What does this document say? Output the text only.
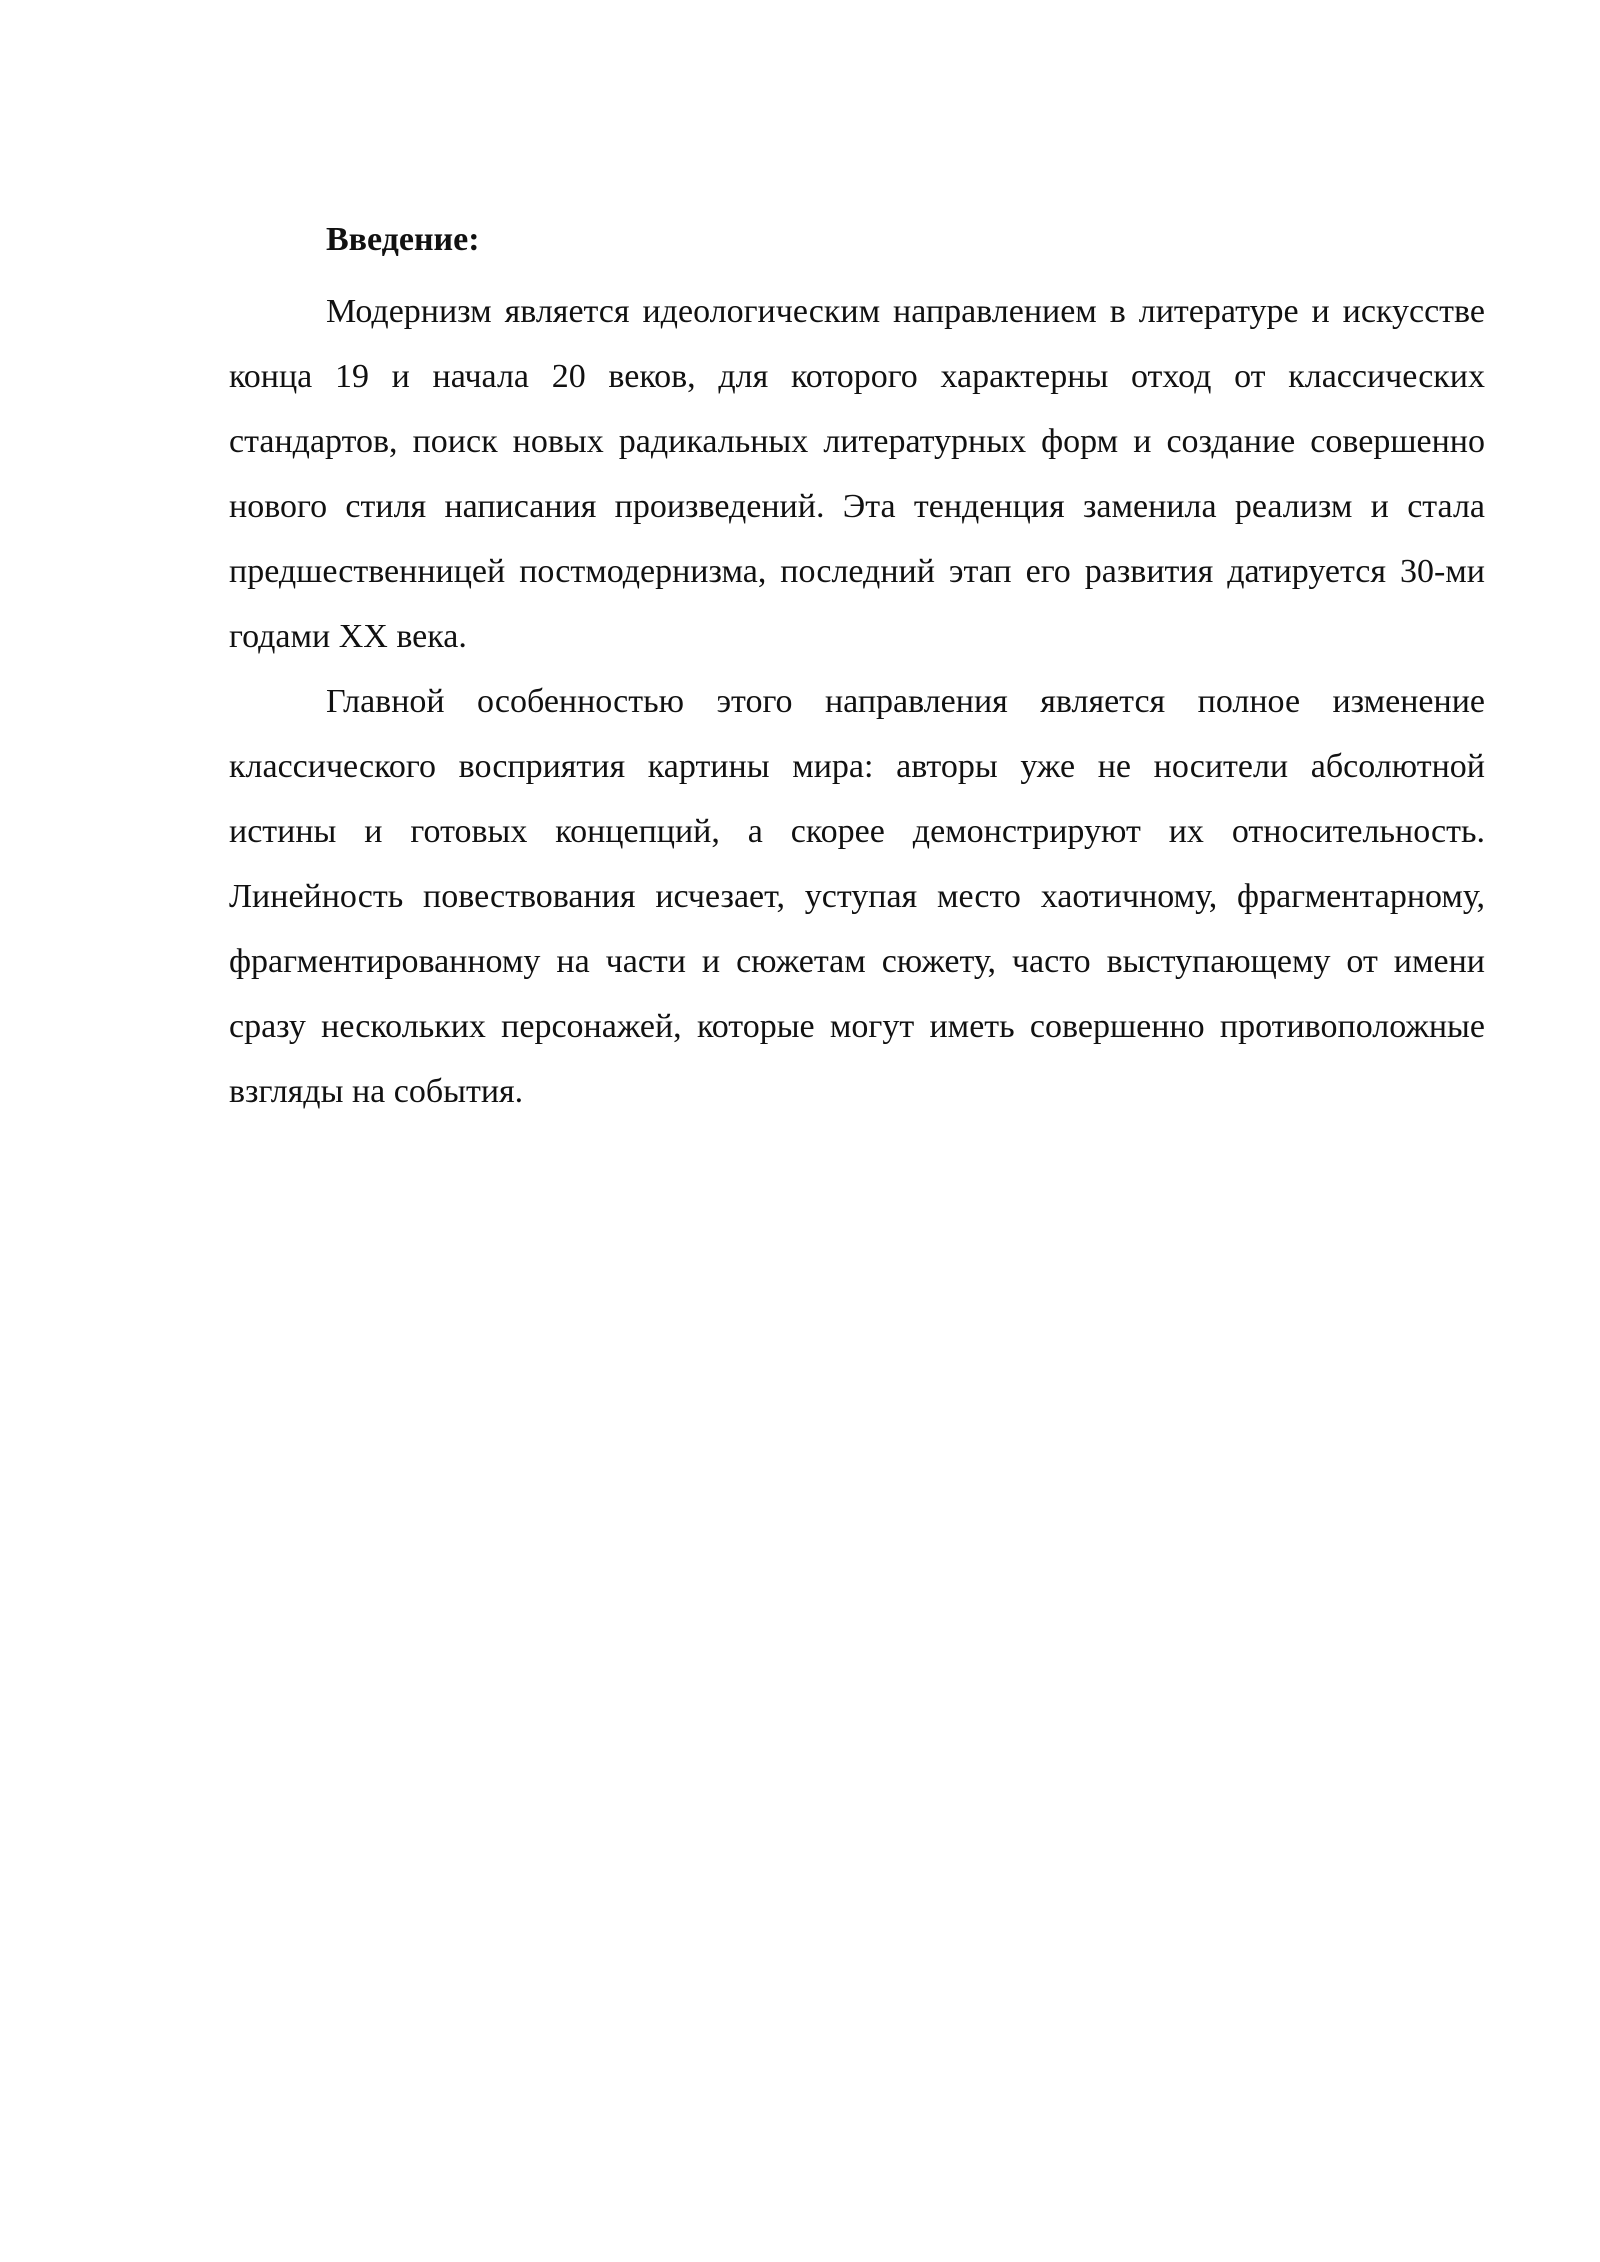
Введение:

Модернизм является идеологическим направлением в литературе и искусстве конца 19 и начала 20 веков, для которого характерны отход от классических стандартов, поиск новых радикальных литературных форм и создание совершенно нового стиля написания произведений. Эта тенденция заменила реализм и стала предшественницей постмодернизма, последний этап его развития датируется 30-ми годами XX века.

Главной особенностью этого направления является полное изменение классического восприятия картины мира: авторы уже не носители абсолютной истины и готовых концепций, а скорее демонстрируют их относительность. Линейность повествования исчезает, уступая место хаотичному, фрагментарному, фрагментированному на части и сюжетам сюжету, часто выступающему от имени сразу нескольких персонажей, которые могут иметь совершенно противоположные взгляды на события.
